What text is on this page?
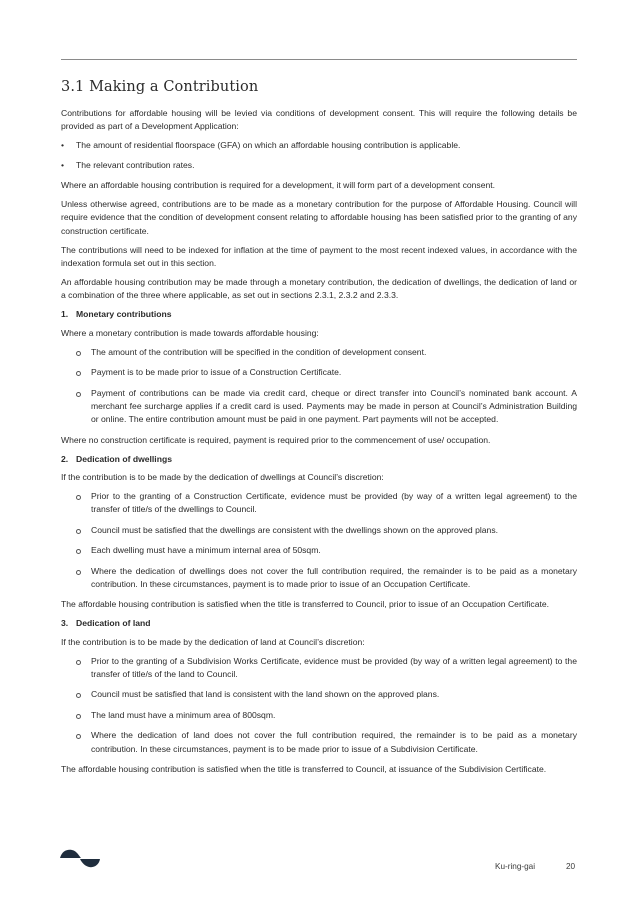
3.1 Making a Contribution

Contributions for affordable housing will be levied via conditions of development consent. This will require the following details be provided as part of a Development Application:

• The amount of residential floorspace (GFA) on which an affordable housing contribution is applicable.
• The relevant contribution rates.

Where an affordable housing contribution is required for a development, it will form part of a development consent.

Unless otherwise agreed, contributions are to be made as a monetary contribution for the purpose of Affordable Housing. Council will require evidence that the condition of development consent relating to affordable housing has been satisfied prior to the granting of any construction certificate.

The contributions will need to be indexed for inflation at the time of payment to the most recent indexed values, in accordance with the indexation formula set out in this section.

An affordable housing contribution may be made through a monetary contribution, the dedication of dwellings, the dedication of land or a combination of the three where applicable, as set out in sections 2.3.1, 2.3.2 and 2.3.3.

1. Monetary contributions

Where a monetary contribution is made towards affordable housing:

The amount of the contribution will be specified in the condition of development consent.
Payment is to be made prior to issue of a Construction Certificate.
Payment of contributions can be made via credit card, cheque or direct transfer into Council’s nominated bank account. A merchant fee surcharge applies if a credit card is used. Payments may be made in person at Council’s Administration Building or online. The entire contribution amount must be paid in one payment. Part payments will not be accepted.

Where no construction certificate is required, payment is required prior to the commencement of use/ occupation.

2. Dedication of dwellings

If the contribution is to be made by the dedication of dwellings at Council’s discretion:

Prior to the granting of a Construction Certificate, evidence must be provided (by way of a written legal agreement) to the transfer of title/s of the dwellings to Council.
Council must be satisfied that the dwellings are consistent with the dwellings shown on the approved plans.
Each dwelling must have a minimum internal area of 50sqm.
Where the dedication of dwellings does not cover the full contribution required, the remainder is to be paid as a monetary contribution. In these circumstances, payment is to made prior to issue of an Occupation Certificate.

The affordable housing contribution is satisfied when the title is transferred to Council, prior to issue of an Occupation Certificate.

3. Dedication of land

If the contribution is to be made by the dedication of land at Council’s discretion:

Prior to the granting of a Subdivision Works Certificate, evidence must be provided (by way of a written legal agreement) to the transfer of title/s of the land to Council.
Council must be satisfied that land is consistent with the land shown on the approved plans.
The land must have a minimum area of 800sqm.
Where the dedication of land does not cover the full contribution required, the remainder is to be paid as a monetary contribution. In these circumstances, payment is to be made prior to issue of a Subdivision Certificate.

The affordable housing contribution is satisfied when the title is transferred to Council, at issuance of the Subdivision Certificate.

Ku-ring-gai	20
